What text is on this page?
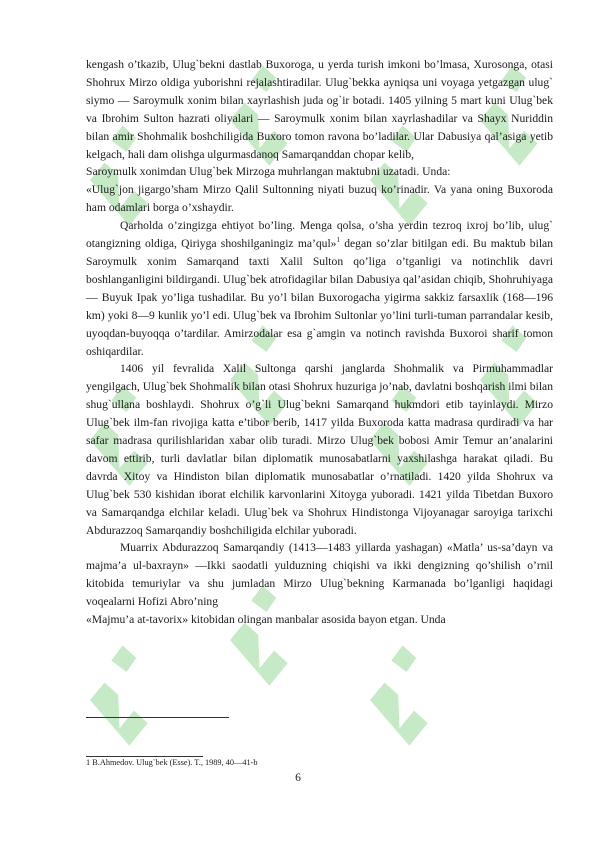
kengash o’tkazib, Ulug`bekni dastlab Buxoroga, u yerda turish imkoni bo’lmasa, Xurosonga, otasi Shohrux Mirzo oldiga yuborishni rejalashtiradilar. Ulug`bekka ayniqsa uni voyaga yetgazgan ulug` siymo — Saroymulk xonim bilan xayrlashish juda og`ir botadi. 1405 yilning 5 mart kuni Ulug`bek va Ibrohim Sulton hazrati oliyalari — Saroymulk xonim bilan xayrlashadilar va Shayx Nuriddin bilan amir Shohmalik boshchiligida Buxoro tomon ravona bo’ladilar. Ular Dabusiya qal’asiga yetib kelgach, hali dam olishga ulgurmasdanoq Samarqanddan chopar kelib,

Saroymulk xonimdan Ulug`bek Mirzoga muhrlangan maktubni uzatadi. Unda:

«Ulug`jon jigargo’sham Mirzo Qalil Sultonning niyati buzuq ko’rinadir. Va yana oning Buxoroda ham odamlari borga o’xshaydir.

Qarholda o’zingizga ehtiyot bo’ling. Menga qolsa, o’sha yerdin tezroq ixroj bo’lib, ulug` otangizning oldiga, Qiriyga shoshilganingiz ma’qul»$^1$ degan so’zlar bitilgan edi. Bu maktub bilan Saroymulk xonim Samarqand taxti Xalil Sulton qo’liga o’tganligi va notinchlik davri boshlanganligini bildirgandi. Ulug`bek atrofidagilar bilan Dabusiya qal’asidan chiqib, Shohruhiyaga — Buyuk Ipak yo’liga tushadilar. Bu yo’l bilan Buxorogacha yigirma sakkiz farsaxlik (168—196 km) yoki 8—9 kunlik yo’l edi. Ulug`bek va Ibrohim Sultonlar yo’lini turli-tuman parrandalar kesib, uyoqdan-buyoqqa o’tardilar. Amirzodalar esa g`amgin va notinch ravishda Buxoroi sharif tomon oshiqardilar.

1406 yil fevralida Xalil Sultonga qarshi janglarda Shohmalik va Pirmuhammadlar yengilgach, Ulug`bek Shohmalik bilan otasi Shohrux huzuriga jo’nab, davlatni boshqarish ilmi bilan shug`ullana boshlaydi. Shohrux o’g`li Ulug`bekni Samarqand hukmdori etib tayinlaydi. Mirzo Ulug`bek ilm-fan rivojiga katta e’tibor berib, 1417 yilda Buxoroda katta madrasa qurdiradi va har safar madrasa qurilishlaridan xabar olib turadi. Mirzo Ulug`bek bobosi Amir Temur an’analarini davom ettirib, turli davlatlar bilan diplomatik munosabatlarni yaxshilashga harakat qiladi. Bu davrda Xitoy va Hindiston bilan diplomatik munosabatlar o’rnatiladi. 1420 yilda Shohrux va Ulug`bek 530 kishidan iborat elchilik karvonlarini Xitoyga yuboradi. 1421 yilda Tibetdan Buxoro va Samarqandga elchilar keladi. Ulug`bek va Shohrux Hindistonga Vijoyanagar saroyiga tarixchi Abdurazzoq Samarqandiy boshchiligida elchilar yuboradi.

Muarrix Abdurazzoq Samarqandiy (1413—1483 yillarda yashagan) «Matla’ us-sa’dayn va majma’a ul-baxrayn» —Ikki saodatli yulduzning chiqishi va ikki dengizning qo’shilish o’rnil kitobida temuriylar va shu jumladan Mirzo Ulug`bekning Karmanada bo’lganligi haqidagi voqealarni Hofizi Abro’ning

«Majmu’a at-tavorix» kitobidan olingan manbalar asosida bayon etgan. Unda

1 B.Ahmedov. Ulug`bek (Esse). T., 1989, 40—41-b
6
